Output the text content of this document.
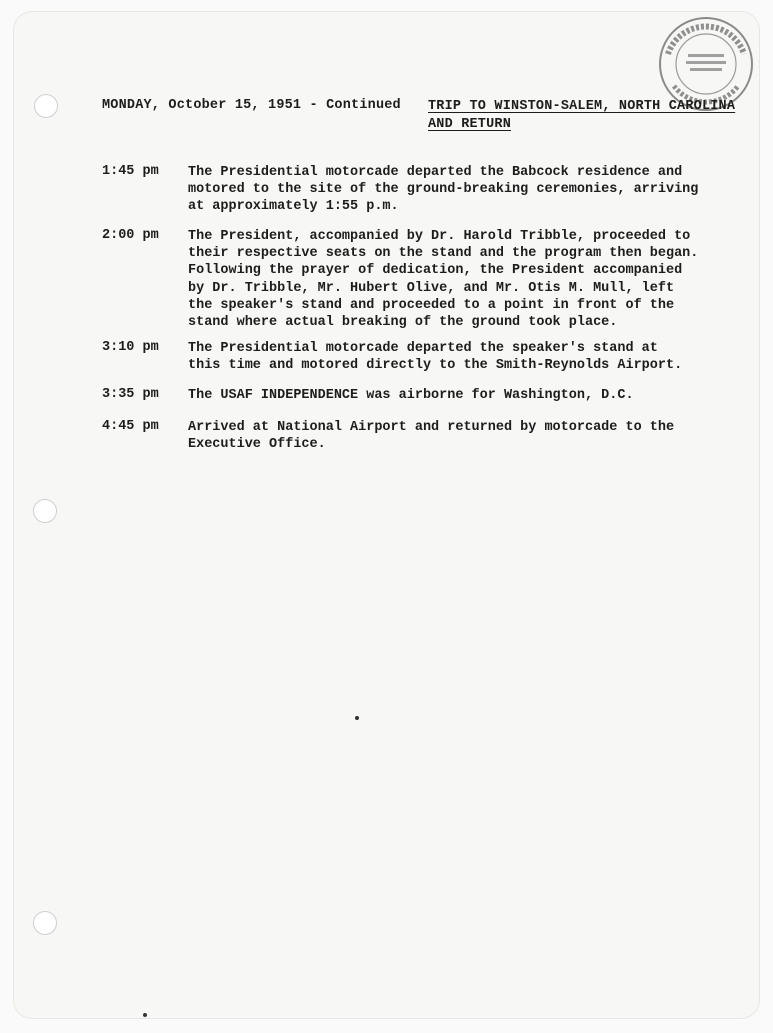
MONDAY, October 15, 1951 - Continued TRIP TO WINSTON-SALEM, NORTH CAROLINA
AND RETURN
1:45 pm	The Presidential motorcade departed the Babcock residence and
motored to the site of the ground-breaking ceremonies, arriving
at approximately 1:55 p.m.
2:00 pm	The President, accompanied by Dr. Harold Tribble, proceeded to
their respective seats on the stand and the program then began.
Following the prayer of dedication, the President accompanied
by Dr. Tribble, Mr. Hubert Olive, and Mr. Otis M. Mull, left
the speaker's stand and proceeded to a point in front of the
stand where actual breaking of the ground took place.
3:10 pm	The Presidential motorcade departed the speaker's stand at
this time and motored directly to the Smith-Reynolds Airport.
3:35 pm	The USAF INDEPENDENCE was airborne for Washington, D.C.
4:45 pm	Arrived at National Airport and returned by motorcade to the
Executive Office.
